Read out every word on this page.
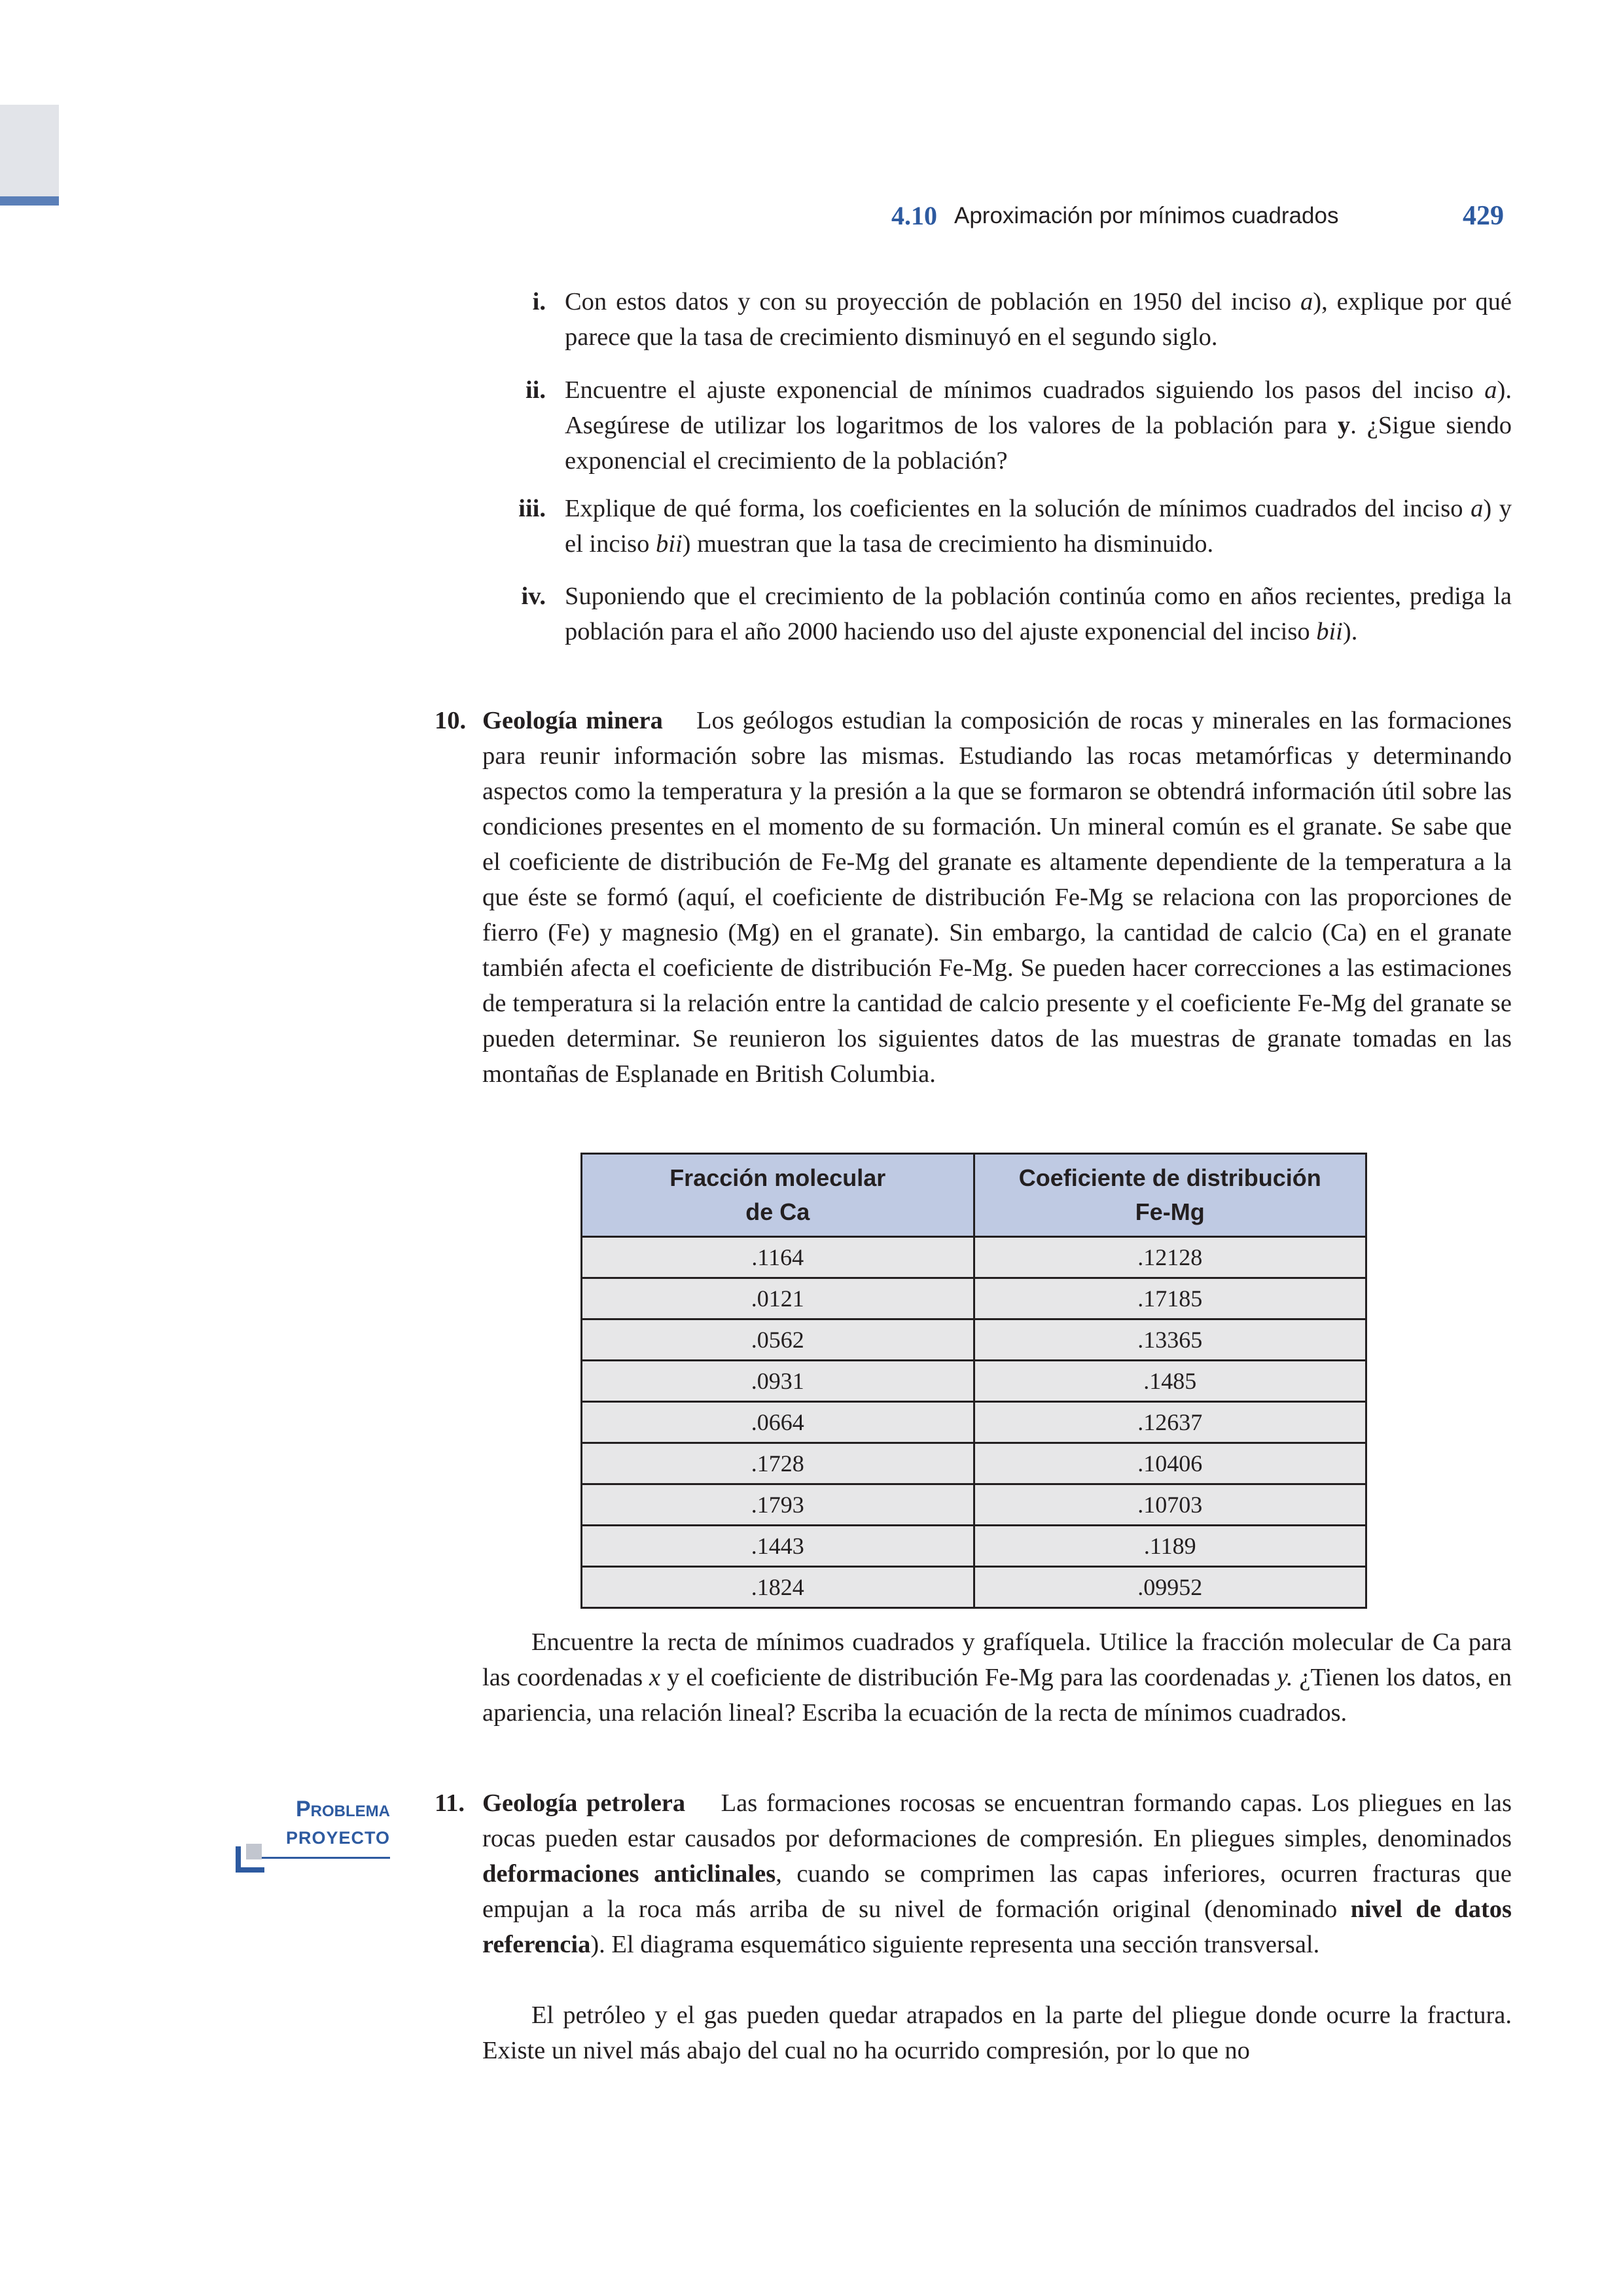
4.10 Aproximación por mínimos cuadrados	429
i. Con estos datos y con su proyección de población en 1950 del inciso a), explique por qué parece que la tasa de crecimiento disminuyó en el segundo siglo.

ii. Encuentre el ajuste exponencial de mínimos cuadrados siguiendo los pasos del inciso a). Asegúrese de utilizar los logaritmos de los valores de la población para y. ¿Sigue siendo exponencial el crecimiento de la población?

iii. Explique de qué forma, los coeficientes en la solución de mínimos cuadrados del inciso a) y el inciso bii) muestran que la tasa de crecimiento ha disminuido.

iv. Suponiendo que el crecimiento de la población continúa como en años recientes, prediga la población para el año 2000 haciendo uso del ajuste exponencial del inciso bii).

10. Geología minera Los geólogos estudian la composición de rocas y minerales en las formaciones para reunir información sobre las mismas. Estudiando las rocas metamórficas y determinando aspectos como la temperatura y la presión a la que se formaron se obtendrá información útil sobre las condiciones presentes en el momento de su formación. Un mineral común es el granate. Se sabe que el coeficiente de distribución de Fe-Mg del granate es altamente dependiente de la temperatura a la que éste se formó (aquí, el coeficiente de distribución Fe-Mg se relaciona con las proporciones de fierro (Fe) y magnesio (Mg) en el granate). Sin embargo, la cantidad de calcio (Ca) en el granate también afecta el coeficiente de distribución Fe-Mg. Se pueden hacer correcciones a las estimaciones de temperatura si la relación entre la cantidad de calcio presente y el coeficiente Fe-Mg del granate se pueden determinar. Se reunieron los siguientes datos de las muestras de granate tomadas en las montañas de Esplanade en British Columbia.

Fracción molecular
de Ca	Coeficiente de distribución
Fe-Mg

.1164	.12128
.0121	.17185
.0562	.13365
.0931	.1485
.0664	.12637
.1728	.10406
.1793	.10703
.1443	.1189
.1824	.09952

Encuentre la recta de mínimos cuadrados y grafíquela. Utilice la fracción molecular de Ca para las coordenadas x y el coeficiente de distribución Fe-Mg para las coordenadas y. ¿Tienen los datos, en apariencia, una relación lineal? Escriba la ecuación de la recta de mínimos cuadrados.

Problema
PROYECTO
11. Geología petrolera Las formaciones rocosas se encuentran formando capas. Los pliegues en las rocas pueden estar causados por deformaciones de compresión. En pliegues simples, denominados deformaciones anticlinales, cuando se comprimen las capas inferiores, ocurren fracturas que empujan a la roca más arriba de su nivel de formación original (denominado nivel de datos referencia). El diagrama esquemático siguiente representa una sección transversal.

El petróleo y el gas pueden quedar atrapados en la parte del pliegue donde ocurre la fractura. Existe un nivel más abajo del cual no ha ocurrido compresión, por lo que no
